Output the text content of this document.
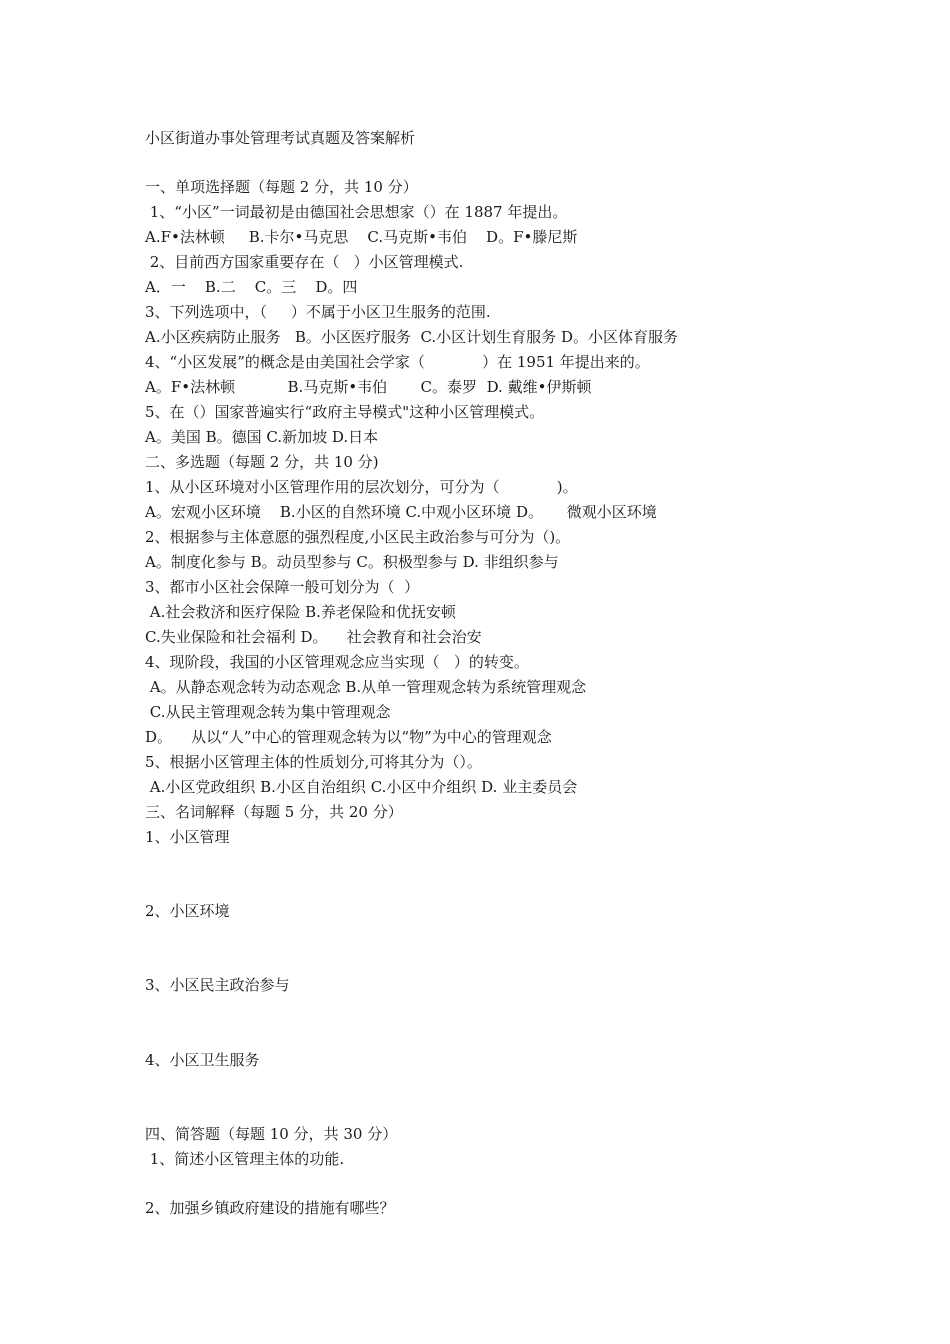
小区街道办事处管理考试真题及答案解析
一、单项选择题（每题 2 分，共 10 分）
1、“小区”一词最初是由德国社会思想家（）在 1887 年提出。
A.F•法林顿     B.卡尔•马克思    C.马克斯•韦伯    D。F•滕尼斯
2、目前西方国家重要存在（   ）小区管理模式.
A．一    B.二    C。三    D。四
3、下列选项中，（     ）不属于小区卫生服务的范围.
A.小区疾病防止服务   B。小区医疗服务  C.小区计划生育服务 D。小区体育服务
4、“小区发展”的概念是由美国社会学家（            ）在 1951 年提出来的。
A。F•法林顿           B.马克斯•韦伯       C。泰罗  D. 戴维•伊斯顿
5、在（）国家普遍实行“政府主导模式"这种小区管理模式。
A。美国 B。德国 C.新加坡 D.日本
二、多选题（每题 2 分，共 10 分)
1、从小区环境对小区管理作用的层次划分，可分为（            )。
A。宏观小区环境    B.小区的自然环境 C.中观小区环境 D。     微观小区环境
2、根据参与主体意愿的强烈程度,小区民主政治参与可分为（)。
A。制度化参与 B。动员型参与 C。积极型参与 D. 非组织参与
3、都市小区社会保障一般可划分为（  ）
A.社会救济和医疗保险 B.养老保险和优抚安顿
C.失业保险和社会福利 D。    社会教育和社会治安
4、现阶段，我国的小区管理观念应当实现（   ）的转变。
A。从静态观念转为动态观念 B.从单一管理观念转为系统管理观念
C.从民主管理观念转为集中管理观念
D。    从以“人”中心的管理观念转为以“物”为中心的管理观念
5、根据小区管理主体的性质划分,可将其分为（）。
A.小区党政组织 B.小区自治组织 C.小区中介组织 D. 业主委员会
三、名词解释（每题 5 分，共 20 分）
1、小区管理
2、小区环境
3、小区民主政治参与
4、小区卫生服务
四、简答题（每题 10 分，共 30 分）
1、简述小区管理主体的功能.
2、加强乡镇政府建设的措施有哪些？
